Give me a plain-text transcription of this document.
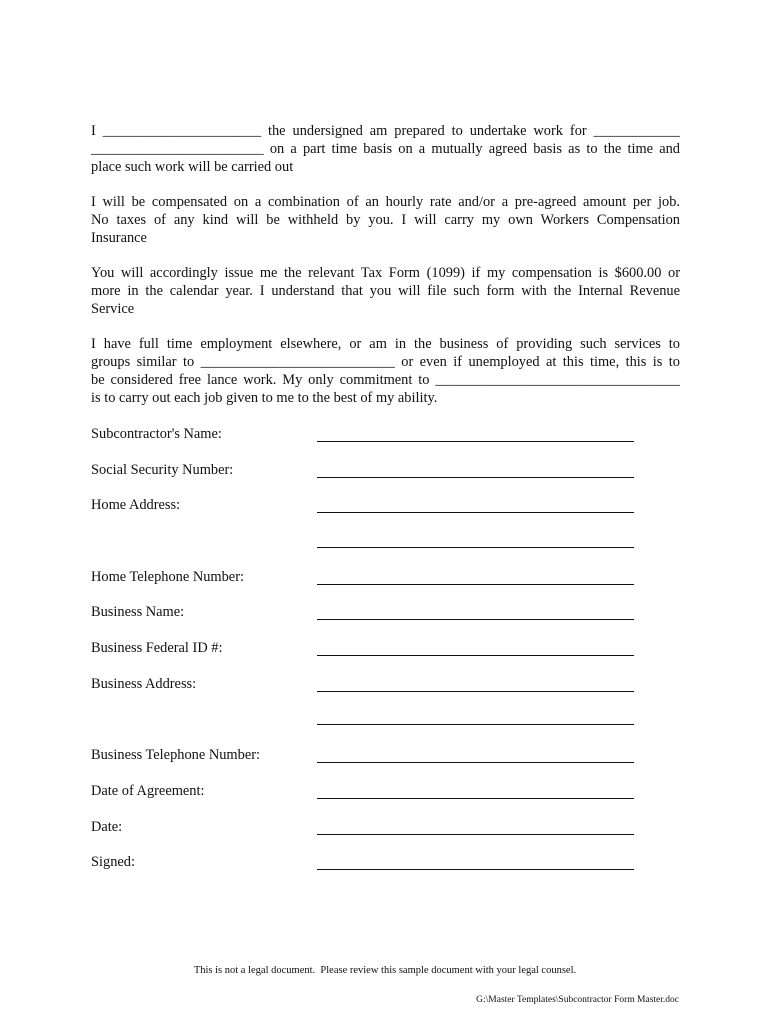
I ______________________ the undersigned am prepared to undertake work for ____________
________________________ on a part time basis on a mutually agreed basis as to the time and
place such work will be carried out
I will be compensated on a combination of an hourly rate and/or a pre-agreed amount per job.
No taxes of any kind will be withheld by you. I will carry my own Workers Compensation
Insurance
You will accordingly issue me the relevant Tax Form (1099) if my compensation is $600.00 or
more in the calendar year. I understand that you will file such form with the Internal Revenue
Service
I have full time employment elsewhere, or am in the business of providing such services to
groups similar to ___________________________ or even if unemployed at this time, this is to
be considered free lance work. My only commitment to __________________________________
is to carry out each job given to me to the best of my ability.
Subcontractor's Name:
Social Security Number:
Home Address:
Home Telephone Number:
Business Name:
Business Federal ID #:
Business Address:
Business Telephone Number:
Date of Agreement:
Date:
Signed:
This is not a legal document.  Please review this sample document with your legal counsel.
G:\Master Templates\Subcontractor Form Master.doc
